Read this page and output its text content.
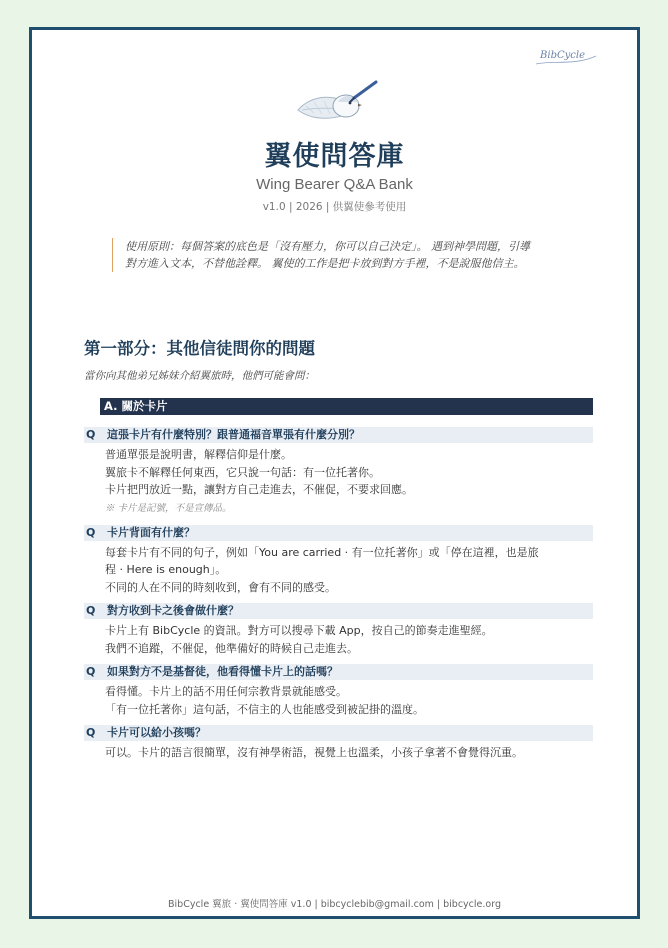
BibCycle
翼使問答庫
Wing Bearer Q&A Bank
v1.0 | 2026 | 供翼使參考使用
使用原則：每個答案的底色是「沒有壓力，你可以自己決定」。 遇到神學問題，引導
對方進入文本，不替他詮釋。 翼使的工作是把卡放到對方手裡，不是說服他信主。
第一部分：其他信徒問你的問題
當你向其他弟兄姊妹介紹翼旅時，他們可能會問：
A. 關於卡片
Q 這張卡片有什麼特別？跟普通福音單張有什麼分別？
普通單張是說明書，解釋信仰是什麼。
翼旅卡不解釋任何東西，它只說一句話：有一位托著你。
卡片把門放近一點，讓對方自己走進去，不催促，不要求回應。
※ 卡片是記號，不是宣傳品。
Q 卡片背面有什麼？
每套卡片有不同的句子，例如「You are carried · 有一位托著你」或「停在這裡，也是旅
程 · Here is enough」。
不同的人在不同的時刻收到，會有不同的感受。
Q 對方收到卡之後會做什麼？
卡片上有 BibCycle 的資訊。對方可以搜尋下載 App，按自己的節奏走進聖經。
我們不追蹤，不催促，他準備好的時候自己走進去。
Q 如果對方不是基督徒，他看得懂卡片上的話嗎？
看得懂。卡片上的話不用任何宗教背景就能感受。
「有一位托著你」這句話，不信主的人也能感受到被記掛的溫度。
Q 卡片可以給小孩嗎？
可以。卡片的語言很簡單，沒有神學術語，視覺上也溫柔，小孩子拿著不會覺得沉重。
BibCycle 翼旅 · 翼使問答庫 v1.0 | bibcyclebib@gmail.com | bibcycle.org
